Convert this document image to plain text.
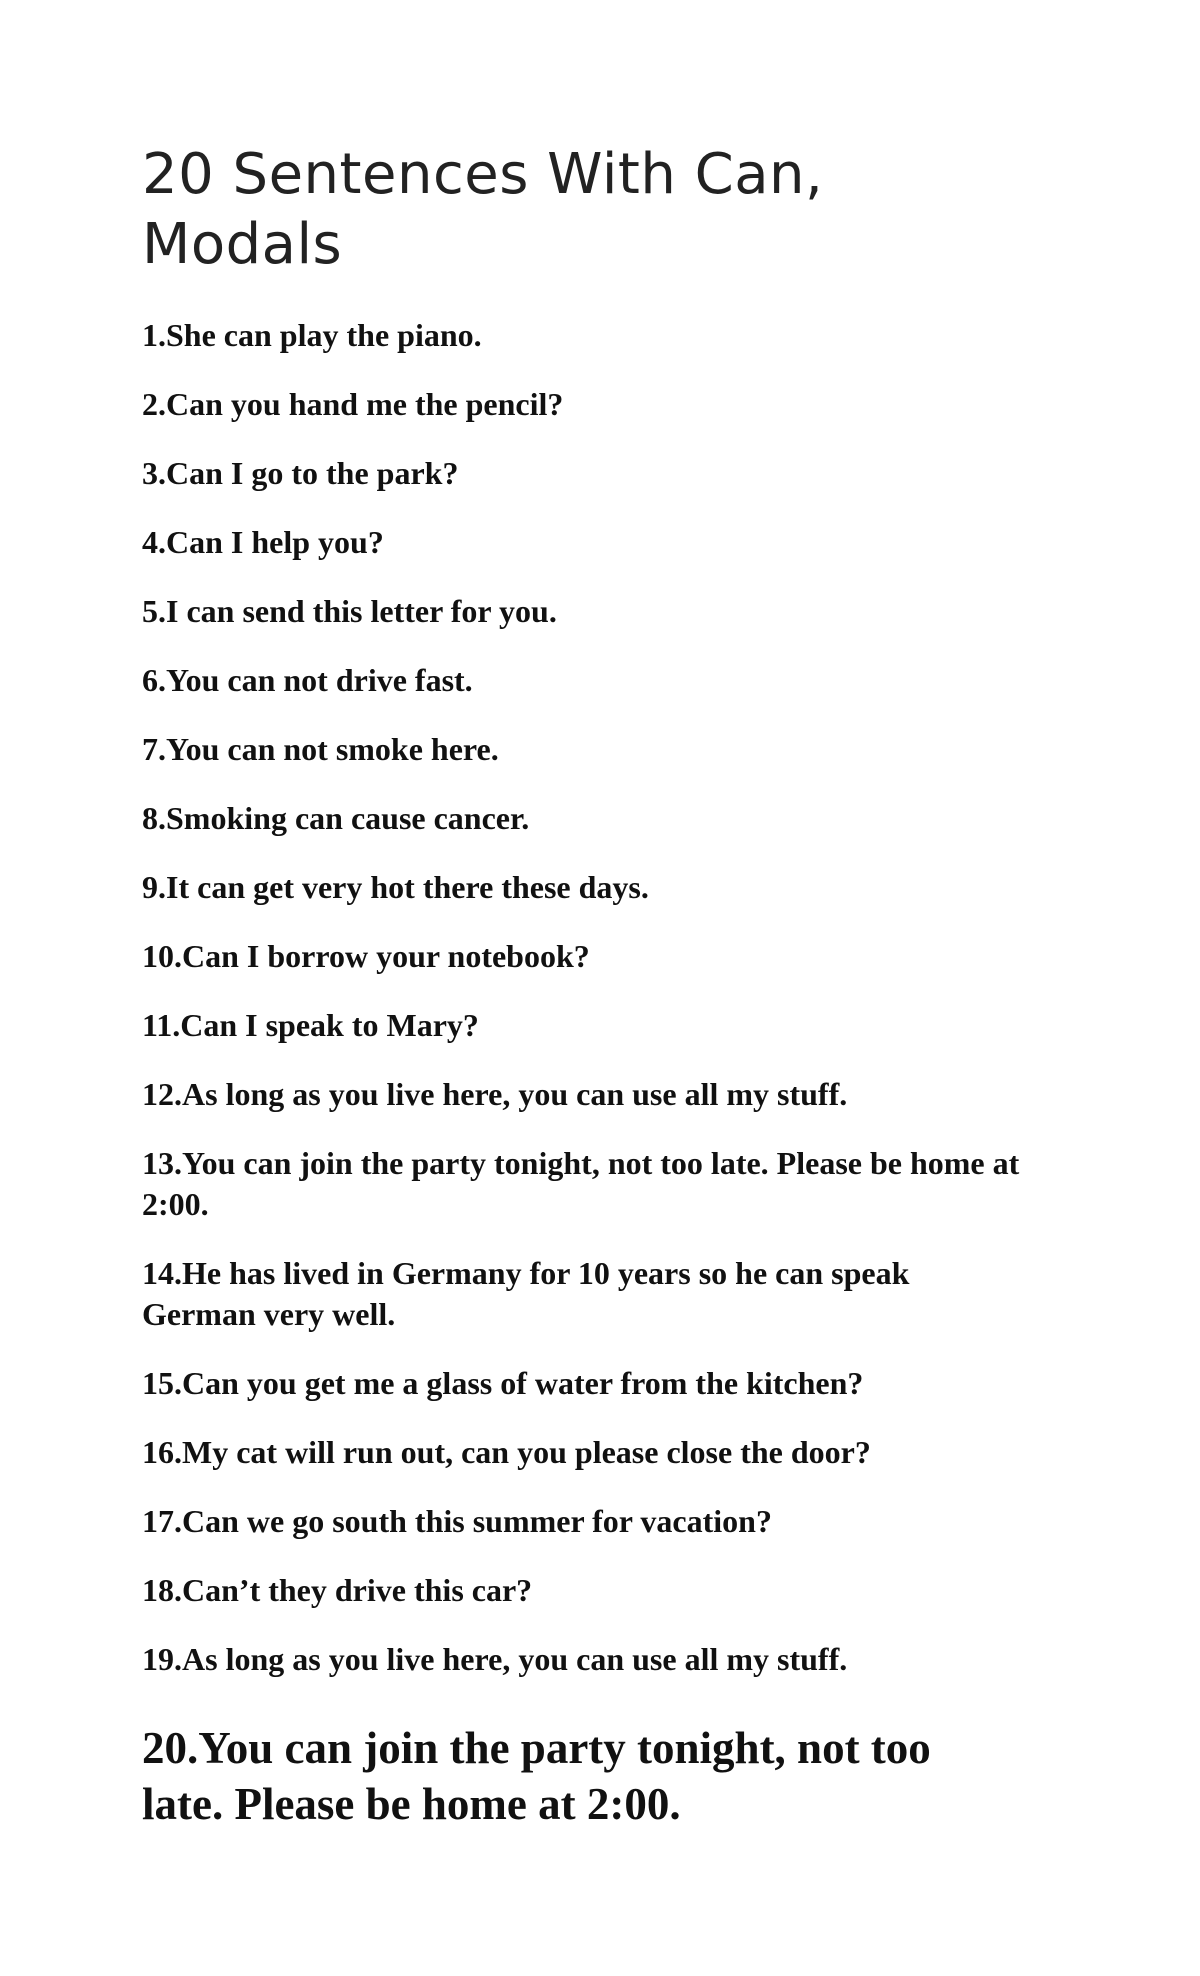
20 Sentences With Can, Modals
1.She can play the piano.
2.Can you hand me the pencil?
3.Can I go to the park?
4.Can I help you?
5.I can send this letter for you.
6.You can not drive fast.
7.You can not smoke here.
8.Smoking can cause cancer.
9.It can get very hot there these days.
10.Can I borrow your notebook?
11.Can I speak to Mary?
12.As long as you live here, you can use all my stuff.
13.You can join the party tonight, not too late. Please be home at 2:00.
14.He has lived in Germany for 10 years so he can speak German very well.
15.Can you get me a glass of water from the kitchen?
16.My cat will run out, can you please close the door?
17.Can we go south this summer for vacation?
18.Can’t they drive this car?
19.As long as you live here, you can use all my stuff.
20.You can join the party tonight, not too late. Please be home at 2:00.
